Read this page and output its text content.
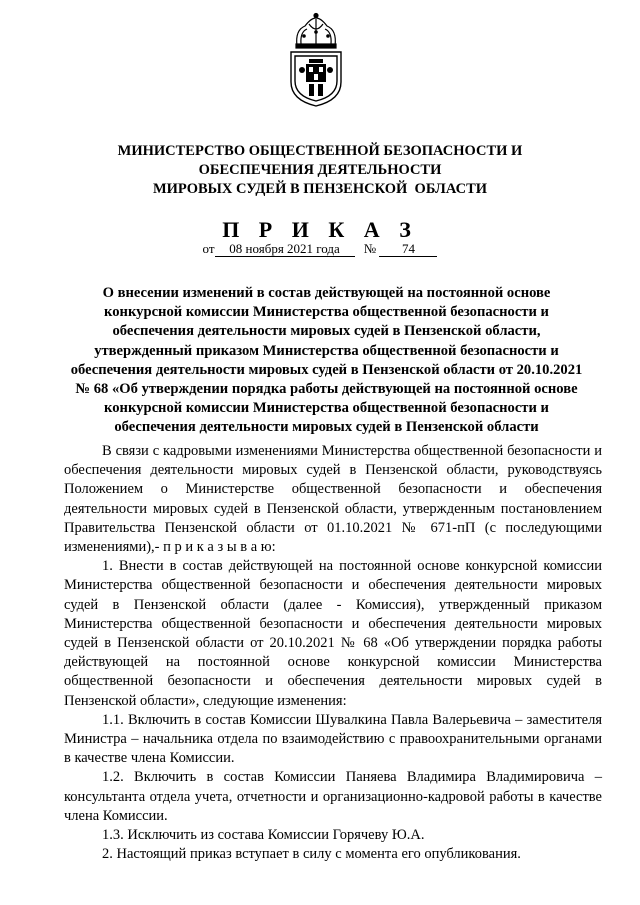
МИНИСТЕРСТВО ОБЩЕСТВЕННОЙ БЕЗОПАСНОСТИ И
ОБЕСПЕЧЕНИЯ ДЕЯТЕЛЬНОСТИ
МИРОВЫХ СУДЕЙ В ПЕНЗЕНСКОЙ  ОБЛАСТИ
П Р И К А З
от 08 ноября 2021 года № 74
О внесении изменений в состав действующей на постоянной основе конкурсной комиссии Министерства общественной безопасности и обеспечения деятельности мировых судей в Пензенской области, утвержденный приказом Министерства общественной безопасности и обеспечения деятельности мировых судей в Пензенской области от 20.10.2021 № 68 «Об утверждении порядка работы действующей на постоянной основе конкурсной комиссии Министерства общественной безопасности и обеспечения деятельности мировых судей в Пензенской области

В связи с кадровыми изменениями Министерства общественной безопасности и обеспечения деятельности мировых судей в Пензенской области, руководствуясь Положением о Министерстве общественной безопасности и обеспечения деятельности мировых судей в Пензенской области, утвержденным постановлением Правительства Пензенской области от 01.10.2021 № 671-пП (с последующими изменениями),- п р и к а з ы в а ю:

1. Внести в состав действующей на постоянной основе конкурсной комиссии Министерства общественной безопасности и обеспечения деятельности мировых судей в Пензенской области (далее - Комиссия), утвержденный приказом Министерства общественной безопасности и обеспечения деятельности мировых судей в Пензенской области от 20.10.2021 № 68 «Об утверждении порядка работы действующей на постоянной основе конкурсной комиссии Министерства общественной безопасности и обеспечения деятельности мировых судей в Пензенской области», следующие изменения:

1.1. Включить в состав Комиссии Шувалкина Павла Валерьевича – заместителя Министра – начальника отдела по взаимодействию с правоохранительными органами в качестве члена Комиссии.

1.2. Включить в состав Комиссии Паняева Владимира Владимировича – консультанта отдела учета, отчетности и организационно-кадровой работы в качестве члена Комиссии.

1.3. Исключить из состава Комиссии Горячеву Ю.А.

2. Настоящий приказ вступает в силу с момента его опубликования.
